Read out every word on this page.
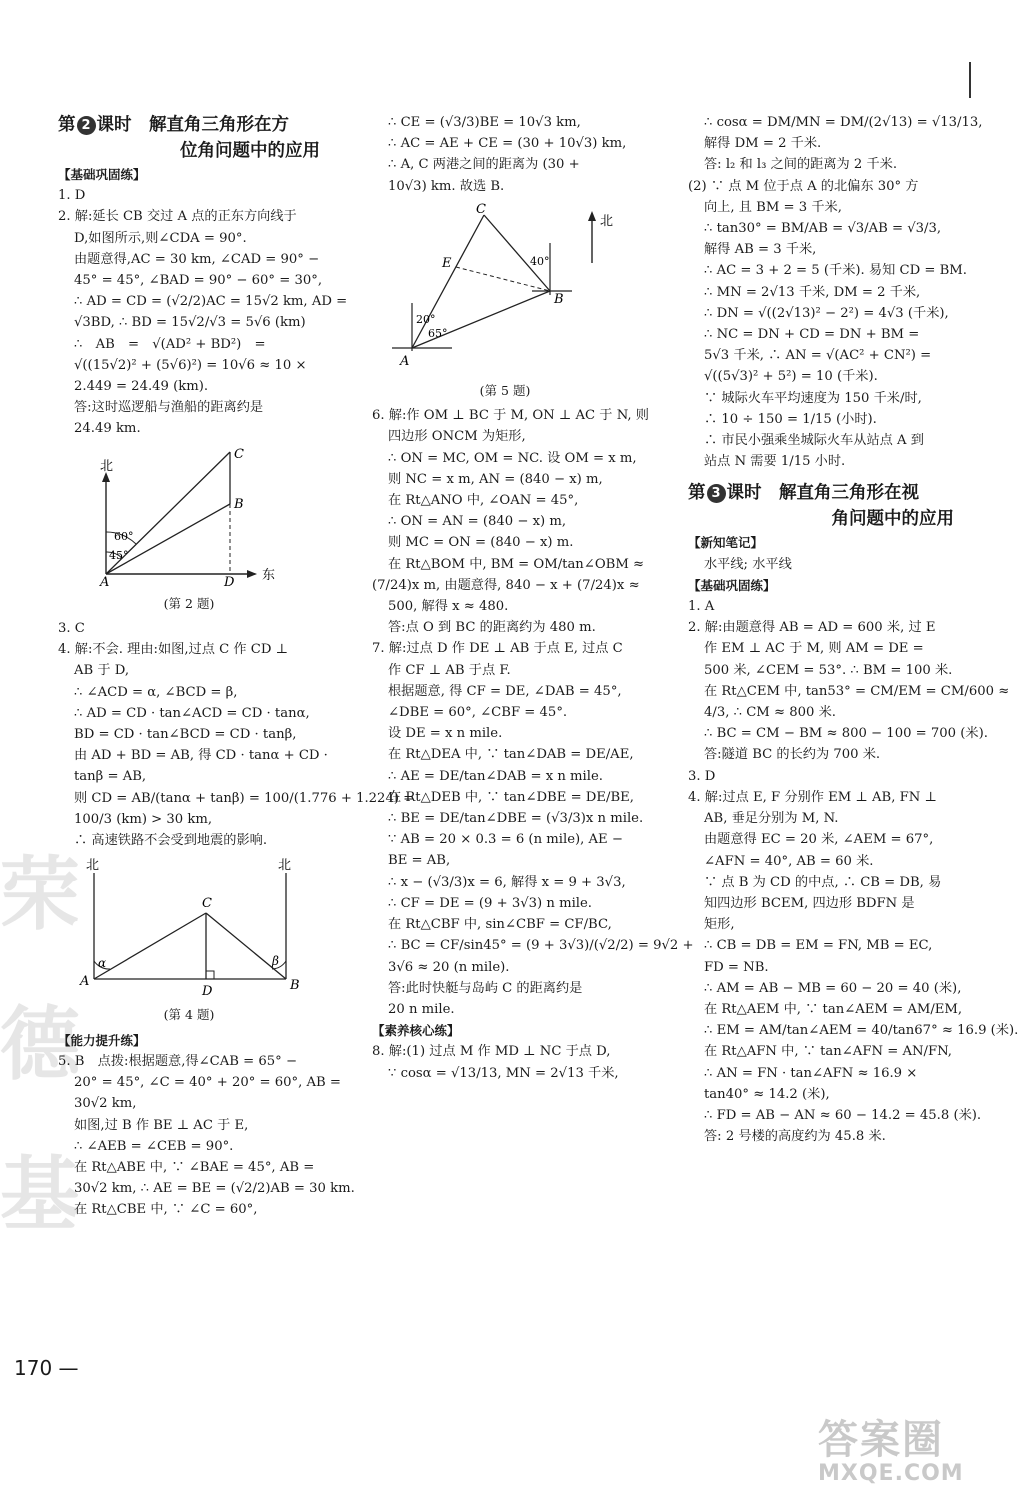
荣
德
基
第 2 课时　解直角三角形在方
位角问题中的应用
【基础巩固练】
1. D
2. 解:延长 CB 交过 A 点的正东方向线于
D,如图所示,则∠CDA = 90°.
由题意得,AC = 30 km, ∠CAD = 90° −
45° = 45°, ∠BAD = 90° − 60° = 30°,
∴ AD = CD = (√2/2)AC = 15√2 km, AD =
√3BD, ∴ BD = 15√2/√3 = 5√6 (km)
∴　AB　=　√(AD² + BD²)　=
√((15√2)² + (5√6)²) = 10√6 ≈ 10 ×
2.449 = 24.49 (km).
答:这时巡逻船与渔船的距离约是
24.49 km.
北
东
A
B
C
D
60°
45°
(第 2 题)
3. C
4. 解:不会. 理由:如图,过点 C 作 CD ⊥
AB 于 D,
∴ ∠ACD = α, ∠BCD = β,
∴ AD = CD · tan∠ACD = CD · tanα,
BD = CD · tan∠BCD = CD · tanβ,
由 AD + BD = AB, 得 CD · tanα + CD ·
tanβ = AB,
则 CD = AB/(tanα + tanβ) = 100/(1.776 + 1.224) =
100/3 (km) > 30 km,
∴ 高速铁路不会受到地震的影响.
北	北
A	B
C
D
α	β
(第 4 题)
【能力提升练】
5. B　点拨:根据题意,得∠CAB = 65° −
20° = 45°, ∠C = 40° + 20° = 60°, AB =
30√2 km,
如图,过 B 作 BE ⊥ AC 于 E,
∴ ∠AEB = ∠CEB = 90°.
在 Rt△ABE 中, ∵ ∠BAE = 45°, AB =
30√2 km, ∴ AE = BE = (√2/2)AB = 30 km.
在 Rt△CBE 中, ∵ ∠C = 60°,
∴ CE = (√3/3)BE = 10√3 km,
∴ AC = AE + CE = (30 + 10√3) km,
∴ A, C 两港之间的距离为 (30 +
10√3) km. 故选 B.
北
C
E
B
A
40°
20°
65°
(第 5 题)
6. 解:作 OM ⊥ BC 于 M, ON ⊥ AC 于 N, 则
四边形 ONCM 为矩形,
∴ ON = MC, OM = NC. 设 OM = x m,
则 NC = x m, AN = (840 − x) m,
在 Rt△ANO 中, ∠OAN = 45°,
∴ ON = AN = (840 − x) m,
则 MC = ON = (840 − x) m.
在 Rt△BOM 中, BM = OM/tan∠OBM ≈
(7/24)x m, 由题意得, 840 − x + (7/24)x ≈
500, 解得 x ≈ 480.
答:点 O 到 BC 的距离约为 480 m.
7. 解:过点 D 作 DE ⊥ AB 于点 E, 过点 C
作 CF ⊥ AB 于点 F.
根据题意, 得 CF = DE, ∠DAB = 45°,
∠DBE = 60°, ∠CBF = 45°.
设 DE = x n mile.
在 Rt△DEA 中, ∵ tan∠DAB = DE/AE,
∴ AE = DE/tan∠DAB = x n mile.
在 Rt△DEB 中, ∵ tan∠DBE = DE/BE,
∴ BE = DE/tan∠DBE = (√3/3)x n mile.
∵ AB = 20 × 0.3 = 6 (n mile), AE −
BE = AB,
∴ x − (√3/3)x = 6, 解得 x = 9 + 3√3,
∴ CF = DE = (9 + 3√3) n mile.
在 Rt△CBF 中, sin∠CBF = CF/BC,
∴ BC = CF/sin45° = (9 + 3√3)/(√2/2) = 9√2 +
3√6 ≈ 20 (n mile).
答:此时快艇与岛屿 C 的距离约是
20 n mile.
【素养核心练】
8. 解:(1) 过点 M 作 MD ⊥ NC 于点 D,
∵ cosα = √13/13, MN = 2√13 千米,
∴ cosα = DM/MN = DM/(2√13) = √13/13,
解得 DM = 2 千米.
答: l₂ 和 l₃ 之间的距离为 2 千米.
(2) ∵ 点 M 位于点 A 的北偏东 30° 方
向上, 且 BM = 3 千米,
∴ tan30° = BM/AB = √3/AB = √3/3,
解得 AB = 3 千米,
∴ AC = 3 + 2 = 5 (千米). 易知 CD = BM.
∴ MN = 2√13 千米, DM = 2 千米,
∴ DN = √((2√13)² − 2²) = 4√3 (千米),
∴ NC = DN + CD = DN + BM =
5√3 千米, ∴ AN = √(AC² + CN²) =
√((5√3)² + 5²) = 10 (千米).
∵ 城际火车平均速度为 150 千米/时,
∴ 10 ÷ 150 = 1/15 (小时).
∴ 市民小强乘坐城际火车从站点 A 到
站点 N 需要 1/15 小时.
第 3 课时　解直角三角形在视
角问题中的应用
【新知笔记】
水平线; 水平线
【基础巩固练】
1. A
2. 解:由题意得 AB = AD = 600 米, 过 E
作 EM ⊥ AC 于 M, 则 AM = DE =
500 米, ∠CEM = 53°. ∴ BM = 100 米.
在 Rt△CEM 中, tan53° = CM/EM = CM/600 ≈
4/3, ∴ CM ≈ 800 米.
∴ BC = CM − BM ≈ 800 − 100 = 700 (米).
答:隧道 BC 的长约为 700 米.
3. D
4. 解:过点 E, F 分别作 EM ⊥ AB, FN ⊥
AB, 垂足分别为 M, N.
由题意得 EC = 20 米, ∠AEM = 67°,
∠AFN = 40°, AB = 60 米.
∵ 点 B 为 CD 的中点, ∴ CB = DB, 易
知四边形 BCEM, 四边形 BDFN 是
矩形,
∴ CB = DB = EM = FN, MB = EC,
FD = NB.
∴ AM = AB − MB = 60 − 20 = 40 (米),
在 Rt△AEM 中, ∵ tan∠AEM = AM/EM,
∴ EM = AM/tan∠AEM = 40/tan67° ≈ 16.9 (米).
在 Rt△AFN 中, ∵ tan∠AFN = AN/FN,
∴ AN = FN · tan∠AFN ≈ 16.9 ×
tan40° ≈ 14.2 (米),
∴ FD = AB − AN ≈ 60 − 14.2 = 45.8 (米).
答: 2 号楼的高度约为 45.8 米.
170 —
答案圈
MXQE.COM
